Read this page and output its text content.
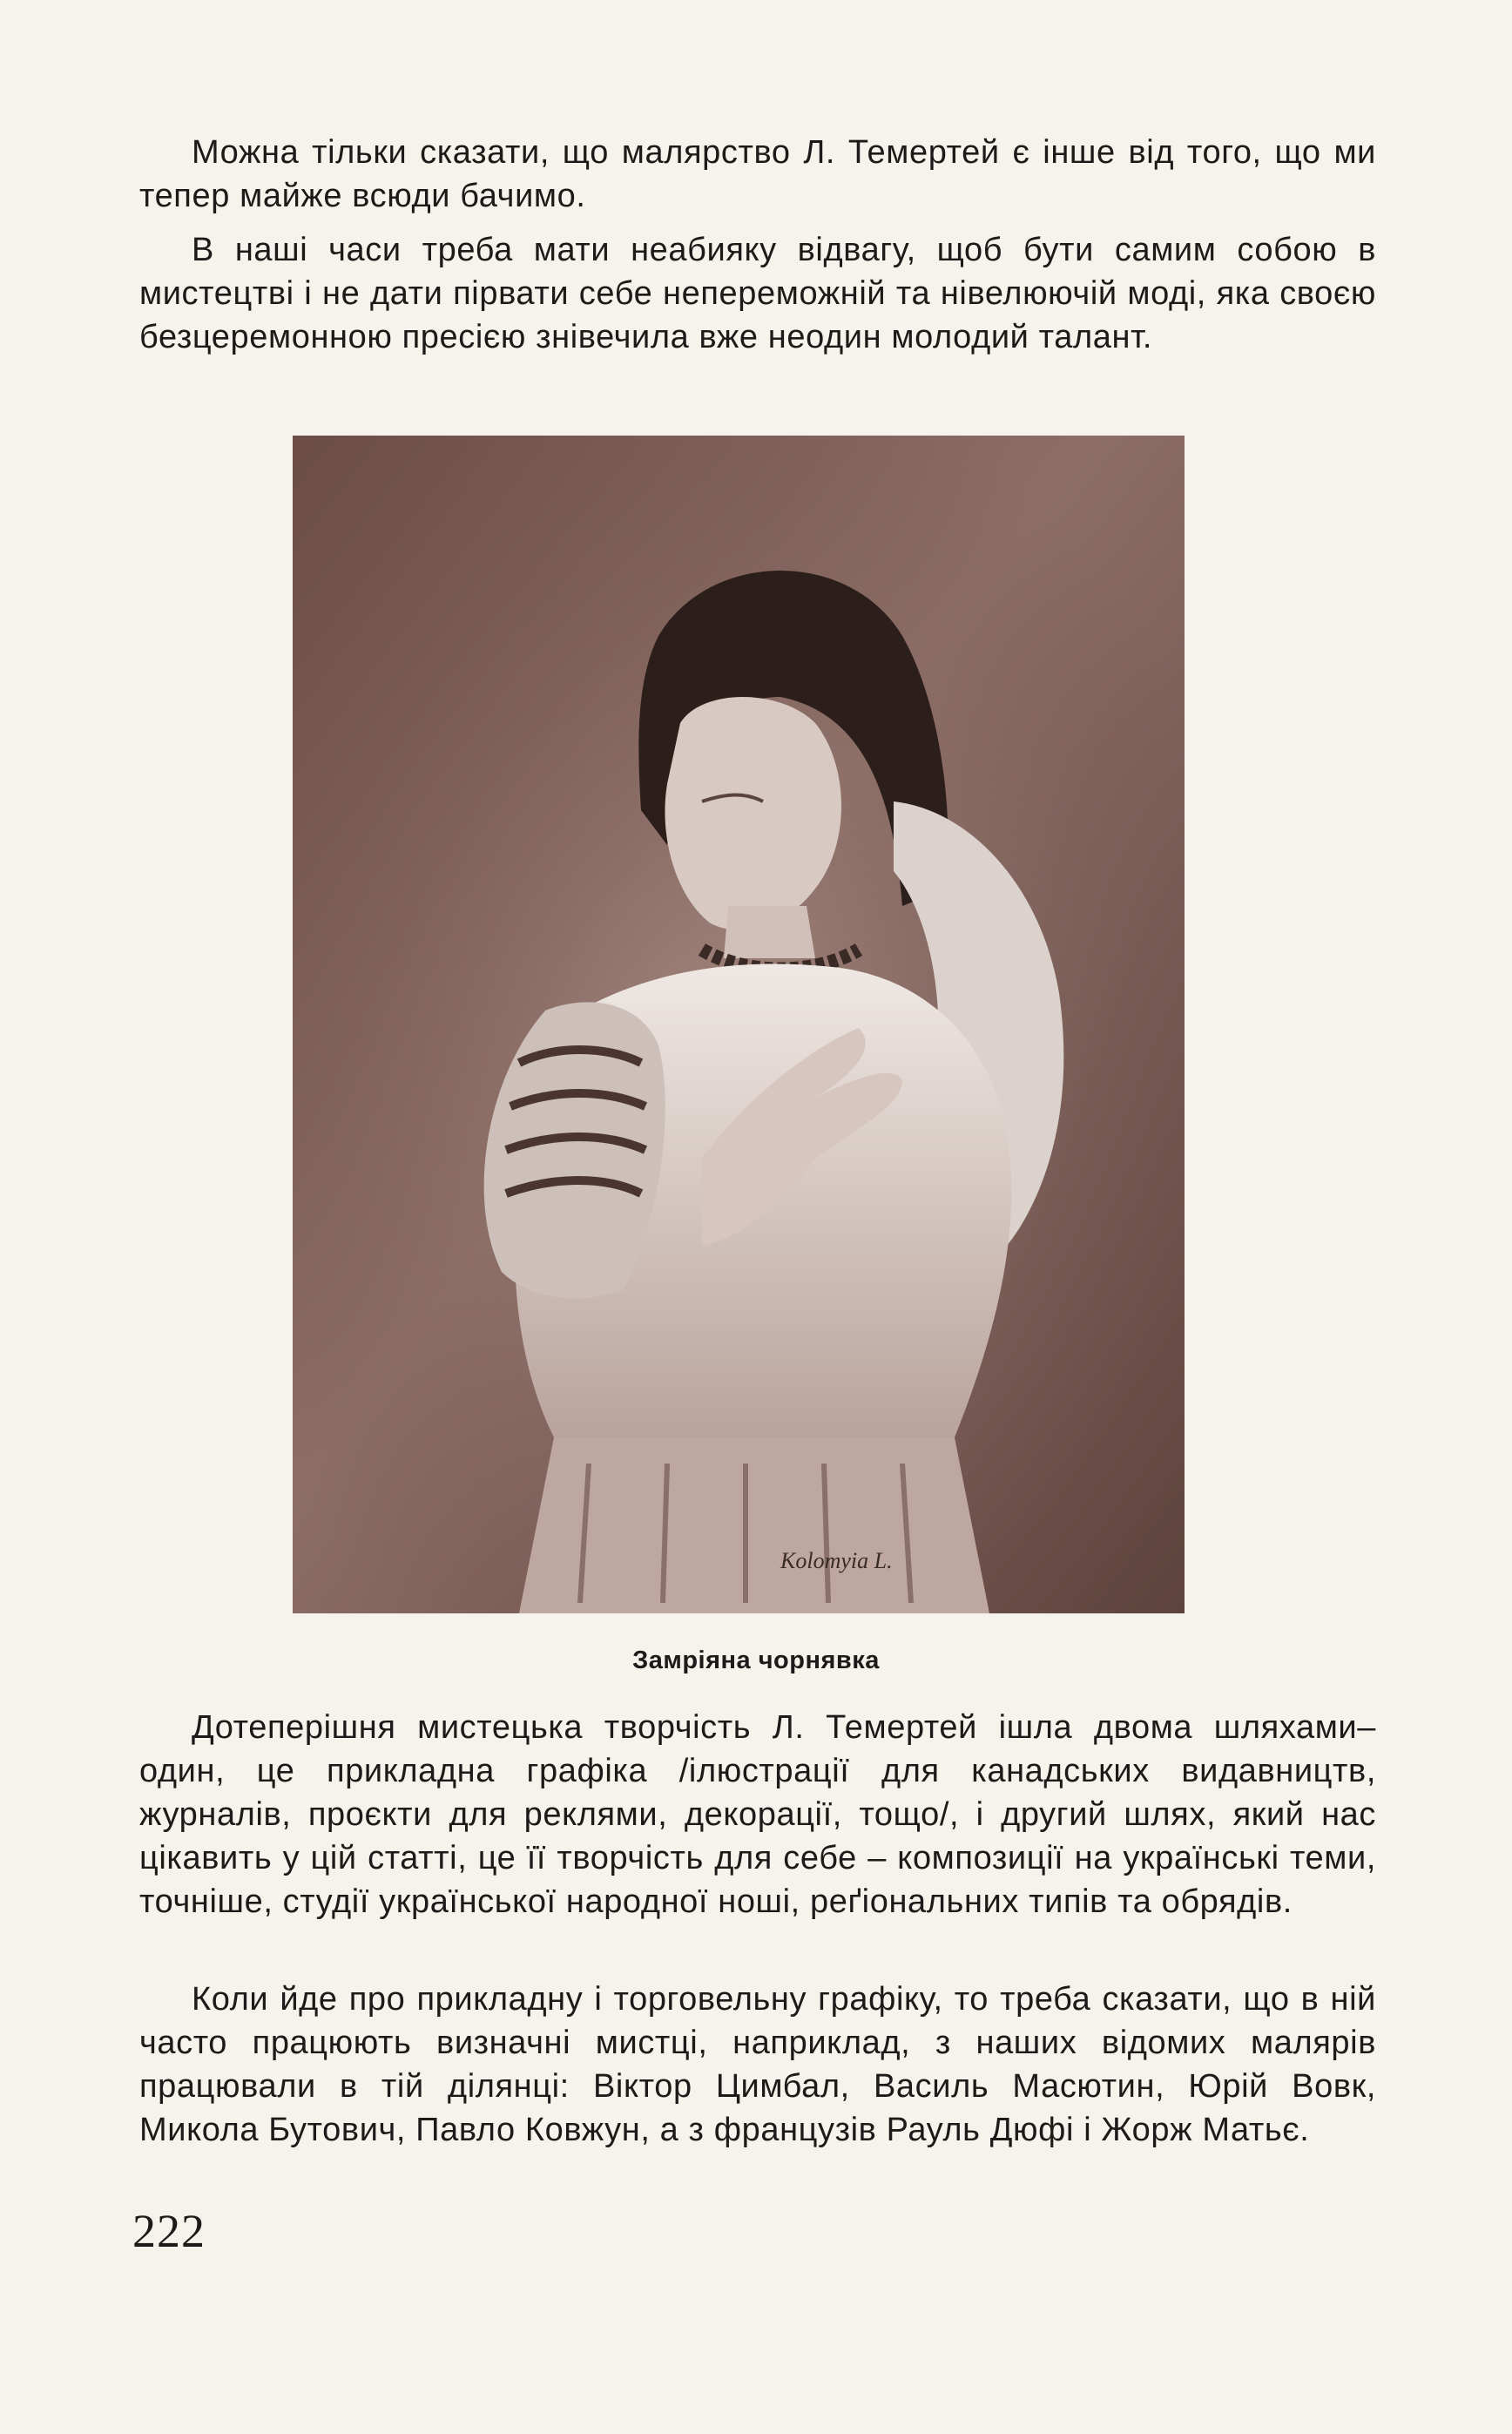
Можна тільки сказати, що малярство Л. Темертей є інше від того, що ми тепер майже всюди бачимо.

В наші часи треба мати неабияку відвагу, щоб бути самим собою в мистецтві і не дати пірвати себе непереможній та нівелюючій моді, яка своєю безцеремонною пресією знівечила вже неодин молодий талант.

Kolomyia L.
Замріяна чорнявка

Дотеперішня мистецька творчість Л. Темертей ішла двома шляхами– один, це прикладна графіка /ілюстрації для канадських видавництв, журналів, проєкти для реклями, декорації, тощо/, і другий шлях, який нас цікавить у цій статті, це її творчість для себе – композиції на українські теми, точніше, студії української народної ноші, реґіональних типів та обрядів.

Коли йде про прикладну і торговельну графіку, то треба сказати, що в ній часто працюють визначні мистці, наприклад, з наших відомих малярів працювали в тій ділянці: Віктор Цимбал, Василь Масютин, Юрій Вовк, Микола Бутович, Павло Ковжун, а з французів Рауль Дюфі і Жорж Матьє.

222
